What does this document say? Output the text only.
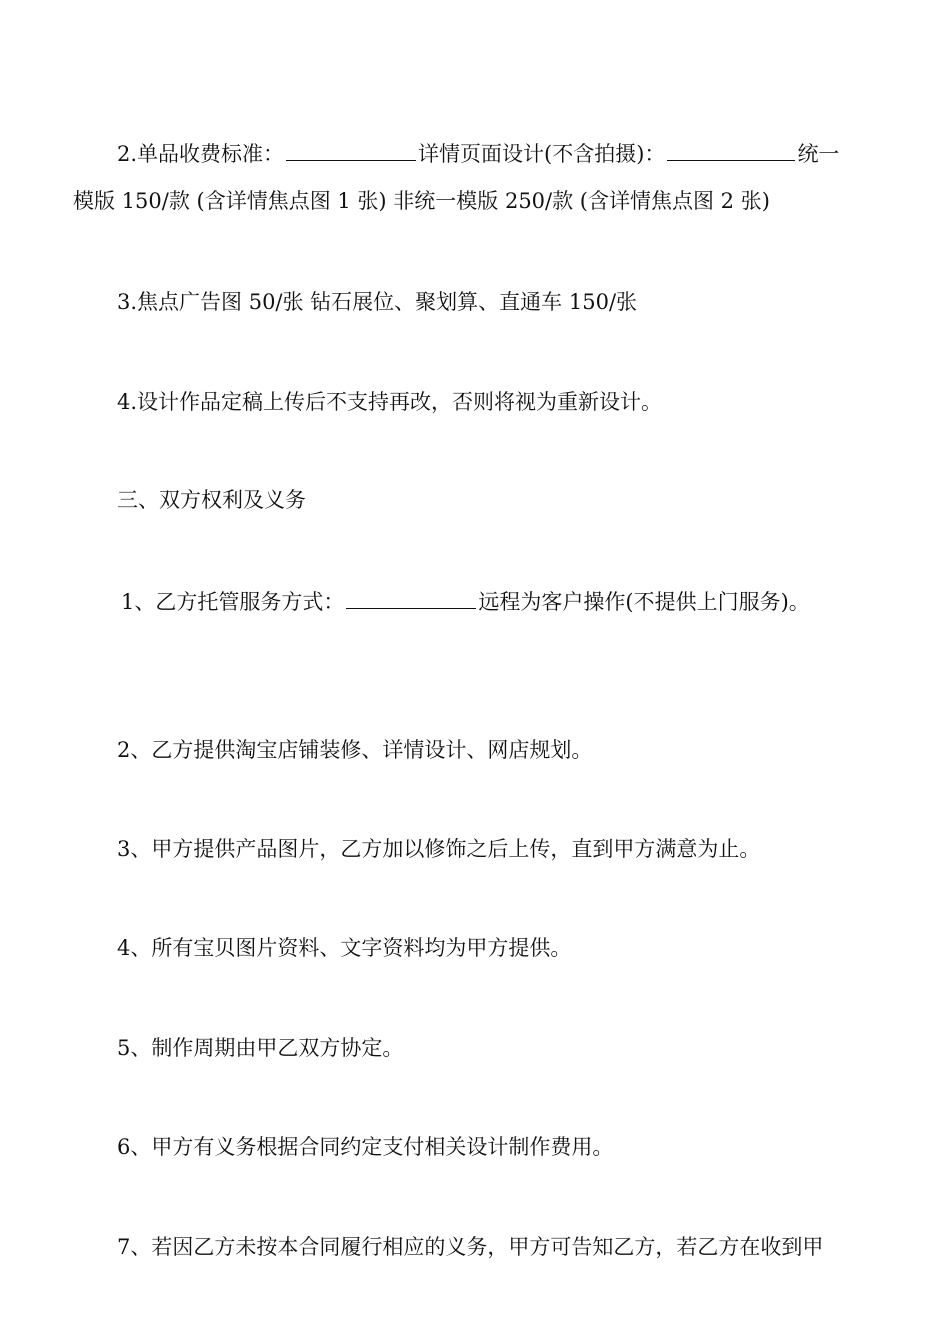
2.单品收费标准：	详情页面设计(不含拍摄)：	统一
模版 150/款 (含详情焦点图 1 张) 非统一模版 250/款 (含详情焦点图 2 张)
3.焦点广告图 50/张 钻石展位、聚划算、直通车 150/张
4.设计作品定稿上传后不支持再改，否则将视为重新设计。
三、双方权利及义务
1、乙方托管服务方式：	远程为客户操作(不提供上门服务)。
2、乙方提供淘宝店铺装修、详情设计、网店规划。
3、甲方提供产品图片，乙方加以修饰之后上传，直到甲方满意为止。
4、所有宝贝图片资料、文字资料均为甲方提供。
5、制作周期由甲乙双方协定。
6、甲方有义务根据合同约定支付相关设计制作费用。
7、若因乙方未按本合同履行相应的义务，甲方可告知乙方，若乙方在收到甲
